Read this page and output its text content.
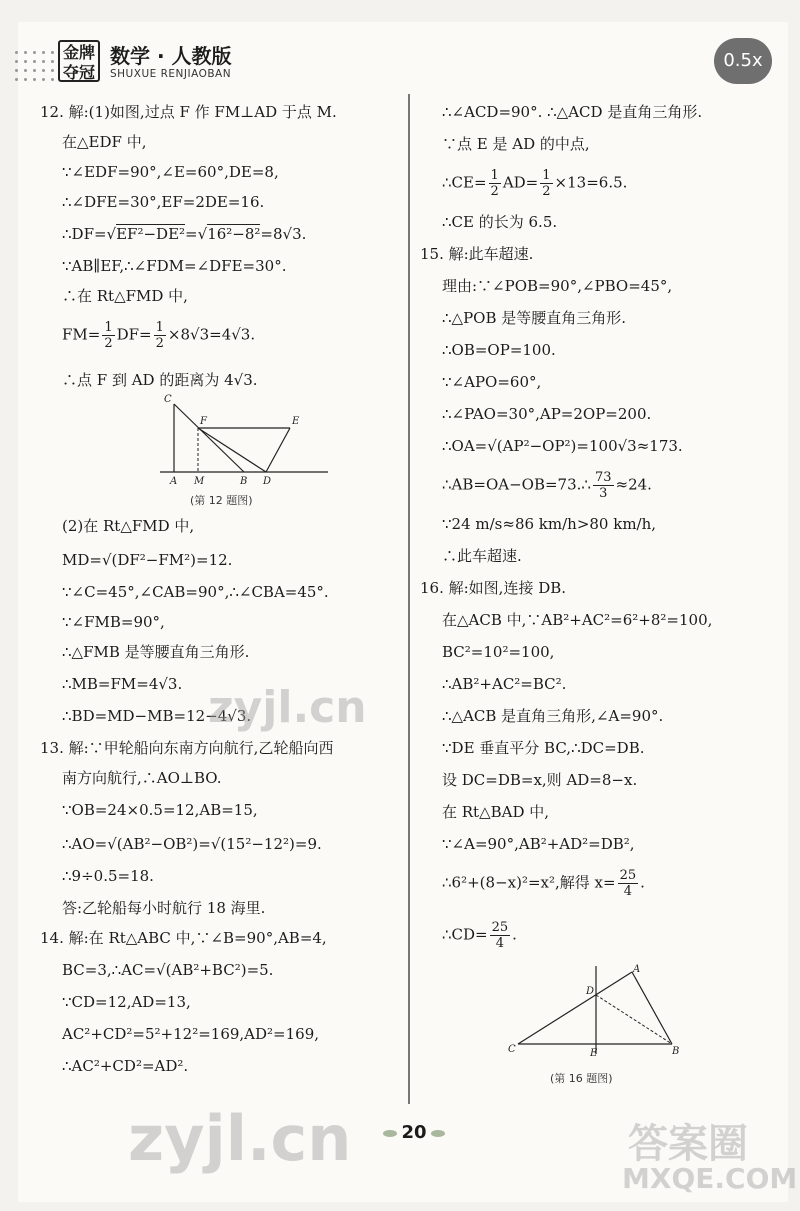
金牌
夺冠
数学 · 人教版
SHUXUE RENJIAOBAN
0.5x
12. 解:(1)如图,过点 F 作 FM⊥AD 于点 M.
在△EDF 中,
∵∠EDF=90°,∠E=60°,DE=8,
∴∠DFE=30°,EF=2DE=16.
∴DF=√EF²−DE²=√16²−8²=8√3.
∵AB∥EF,∴∠FDM=∠DFE=30°.
∴在 Rt△FMD 中,
$FM= \frac{1}{2} DF= \frac{1}{2} \times 8√3=4√3$.
∴点 F 到 AD 的距离为 4√3.
C
F	E
A M	B D
(第 12 题图)
(2)在 Rt△FMD 中,
MD=√(DF²−FM²)=12.
∵∠C=45°,∠CAB=90°,∴∠CBA=45°.
∵∠FMB=90°,
∴△FMB 是等腰直角三角形.
∴MB=FM=4√3.
∴BD=MD−MB=12−4√3.
13. 解:∵甲轮船向东南方向航行,乙轮船向西
南方向航行,∴AO⊥BO.
∵OB=24×0.5=12,AB=15,
∴AO=√(AB²−OB²)=√(15²−12²)=9.
∴9÷0.5=18.
答:乙轮船每小时航行 18 海里.
14. 解:在 Rt△ABC 中,∵∠B=90°,AB=4,
BC=3,∴AC=√(AB²+BC²)=5.
∵CD=12,AD=13,
AC²+CD²=5²+12²=169,AD²=169,
∴AC²+CD²=AD².
∴∠ACD=90°. ∴△ACD 是直角三角形.
∵点 E 是 AD 的中点,
∴CE= $\frac{1}{2} AD= \frac{1}{2} \times 13=6.5$.
∴CE 的长为 6.5.
15. 解:此车超速.
理由:∵∠POB=90°,∠PBO=45°,
∴△POB 是等腰直角三角形.
∴OB=OP=100.
∵∠APO=60°,
∴∠PAO=30°,AP=2OP=200.
∴OA=√(AP²−OP²)=100√3≈173.
∴AB=OA−OB=73.∴ $\frac{73}{3} \approx 24$.
∵24 m/s≈86 km/h>80 km/h,
∴此车超速.
16. 解:如图,连接 DB.
在△ACB 中,∵AB²+AC²=6²+8²=100,
BC²=10²=100,
∴AB²+AC²=BC².
∴△ACB 是直角三角形,∠A=90°.
∵DE 垂直平分 BC,∴DC=DB.
设 DC=DB=x,则 AD=8−x.
在 Rt△BAD 中,
∵∠A=90°,AB²+AD²=DB²,
∴6²+(8−x)²=x²,解得 $x= \frac{25}{4}$ .
∴CD= $\frac{25}{4}$ .
A
D
C	E	B
(第 16 题图)
20
zyjl.cn
zyjl.cn	答案圈
MXQE.COM
